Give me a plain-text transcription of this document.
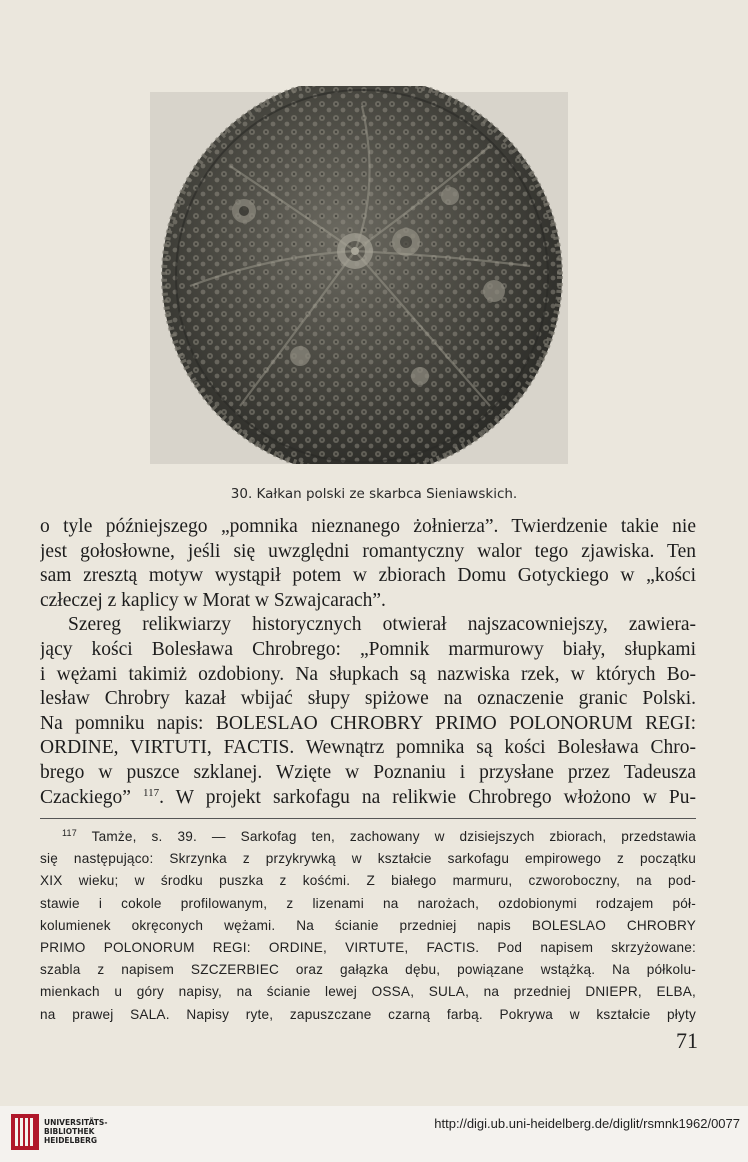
30. Kałkan polski ze skarbca Sieniawskich.
o tyle późniejszego „pomnika nieznanego żołnierza”. Twierdzenie takie nie
jest gołosłowne, jeśli się uwzględni romantyczny walor tego zjawiska. Ten
sam zresztą motyw wystąpił potem w zbiorach Domu Gotyckiego w „kości
człeczej z kaplicy w Morat w Szwajcarach”.
Szereg relikwiarzy historycznych otwierał najszacowniejszy, zawiera-
jący kości Bolesława Chrobrego: „Pomnik marmurowy biały, słupkami
i wężami takimiż ozdobiony. Na słupkach są nazwiska rzek, w których Bo-
lesław Chrobry kazał wbijać słupy spiżowe na oznaczenie granic Polski.
Na pomniku napis: BOLESLAO CHROBRY PRIMO POLONORUM REGI:
ORDINE, VIRTUTI, FACTIS. Wewnątrz pomnika są kości Bolesława Chro-
brego w puszce szklanej. Wzięte w Poznaniu i przysłane przez Tadeusza
Czackiego” $^{117}$. W projekt sarkofagu na relikwie Chrobrego włożono w Pu-
$^{117}$ Tamże, s. 39. — Sarkofag ten, zachowany w dzisiejszych zbiorach, przedstawia
się następująco: Skrzynka z przykrywką w kształcie sarkofagu empirowego z początku
XIX wieku; w środku puszka z kośćmi. Z białego marmuru, czworoboczny, na pod-
stawie i cokole profilowanym, z lizenami na narożach, ozdobionymi rodzajem pół-
kolumienek okręconych wężami. Na ścianie przedniej napis BOLESLAO CHROBRY
PRIMO POLONORUM REGI: ORDINE, VIRTUTE, FACTIS. Pod napisem skrzyżowane:
szabla z napisem SZCZERBIEC oraz gałązka dębu, powiązane wstążką. Na półkolu-
mienkach u góry napisy, na ścianie lewej OSSA, SULA, na przedniej DNIEPR, ELBA,
na prawej SALA. Napisy ryte, zapuszczane czarną farbą. Pokrywa w kształcie płyty
71
UNIVERSITÄTS-
BIBLIOTHEK
HEIDELBERG
http://digi.ub.uni-heidelberg.de/diglit/rsmnk1962/0077
